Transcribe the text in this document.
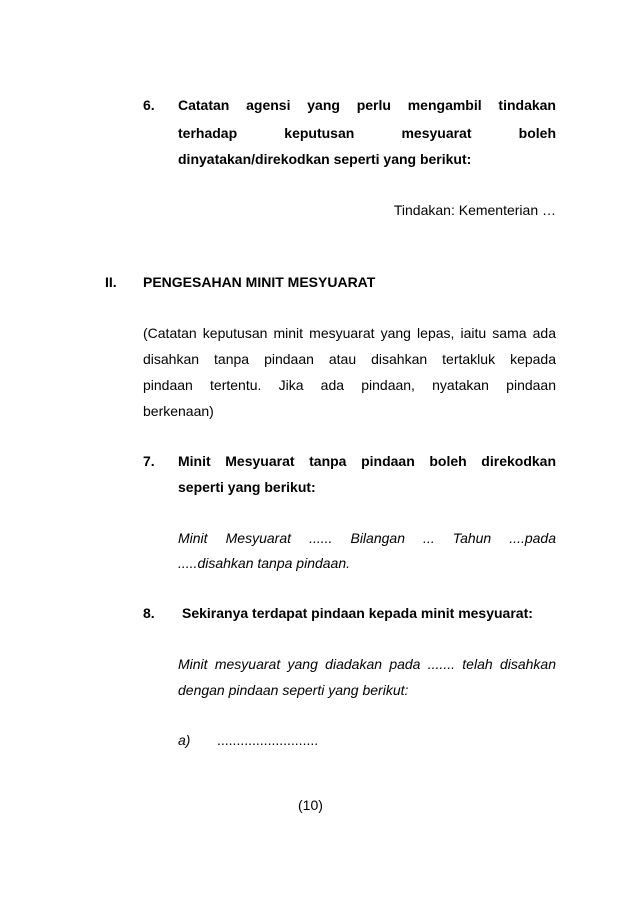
6. Catatan agensi yang perlu mengambil tindakan
terhadap keputusan mesyuarat boleh
dinyatakan/direkodkan seperti yang berikut:
Tindakan: Kementerian …
II. PENGESAHAN MINIT MESYUARAT
(Catatan keputusan minit mesyuarat yang lepas, iaitu sama ada
disahkan tanpa pindaan atau disahkan tertakluk kepada
pindaan tertentu. Jika ada pindaan, nyatakan pindaan
berkenaan)
7. Minit Mesyuarat tanpa pindaan boleh direkodkan
seperti yang berikut:
Minit Mesyuarat ...... Bilangan ... Tahun ....pada
.....disahkan tanpa pindaan.
8. Sekiranya terdapat pindaan kepada minit mesyuarat:
Minit mesyuarat yang diadakan pada ....... telah disahkan
dengan pindaan seperti yang berikut:
a) ..........................
(10)
